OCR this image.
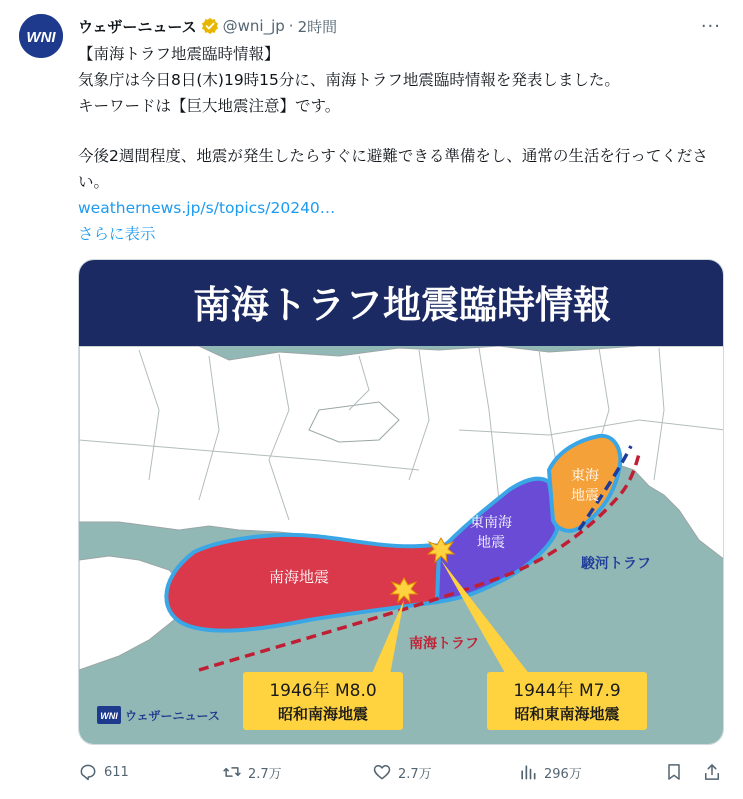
WNI
ウェザーニュース @wni_jp · 2時間	···
【南海トラフ地震臨時情報】
気象庁は今日8日(木)19時15分に、南海トラフ地震臨時情報を発表しました。
キーワードは【巨大地震注意】です。
今後2週間程度、地震が発生したらすぐに避難できる準備をし、通常の生活を行ってください。
weathernews.jp/s/topics/20240…
さらに表示
南海トラフ地震臨時情報
南海地震
東南海
地震
東海
地震
南海トラフ
駿河トラフ
1946年 M8.0
昭和南海地震
1944年 M7.9
昭和東南海地震
WNI ウェザーニュース
611	2.7万	2.7万	296万
